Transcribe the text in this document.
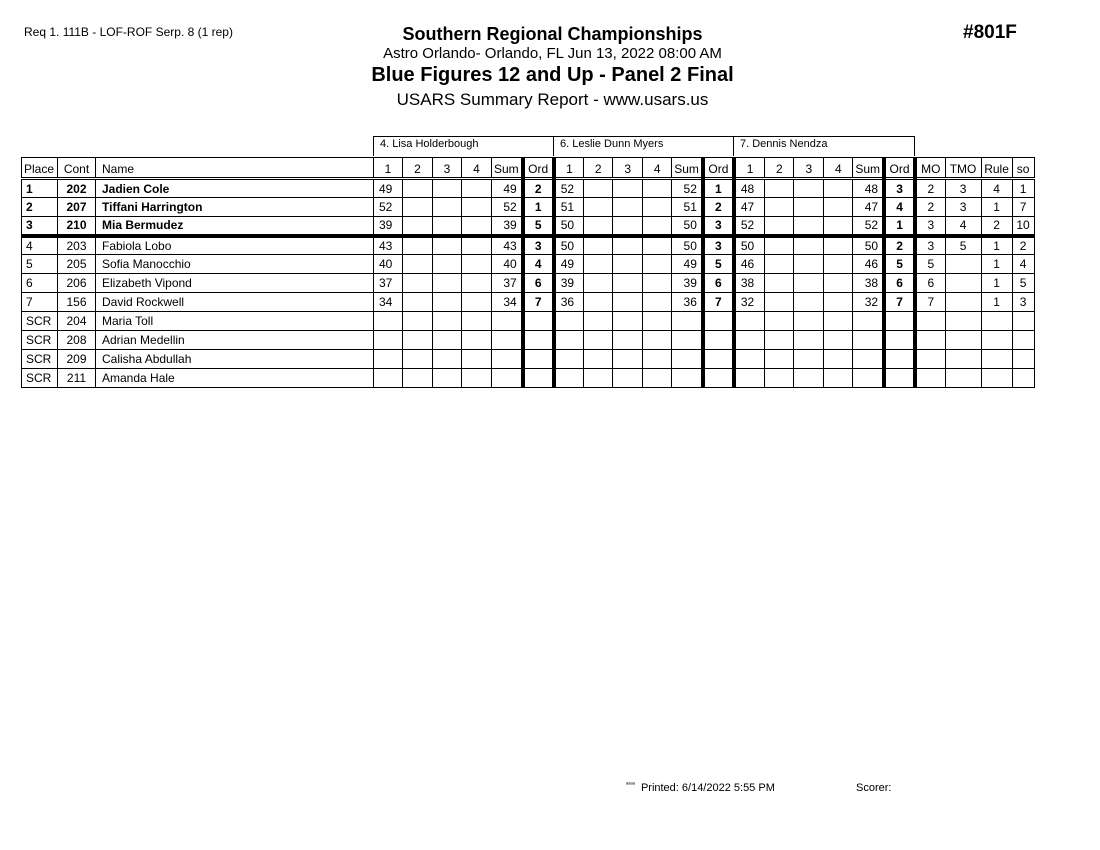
Req 1. 111B - LOF-ROF Serp. 8 (1 rep)	#801F
Southern Regional Championships
Astro Orlando- Orlando, FL Jun 13, 2022 08:00 AM
Blue Figures 12 and Up - Panel 2 Final
USARS Summary Report - www.usars.us
4. Lisa Holderbough	6. Leslie Dunn Myers	7. Dennis Nendza
Place	Cont	Name	1	2	3	4	Sum	Ord	1	2	3	4	Sum	Ord	1	2	3	4	Sum	Ord	MO	TMO	Rule	so
1	202	Jadien Cole	49				49	2	52				52	1	48				48	3	2	3	4	1
2	207	Tiffani Harrington	52				52	1	51				51	2	47				47	4	2	3	1	7
3	210	Mia Bermudez	39				39	5	50				50	3	52				52	1	3	4	2	10
4	203	Fabiola Lobo	43				43	3	50				50	3	50				50	2	3	5	1	2
5	205	Sofia Manocchio	40				40	4	49				49	5	46				46	5	5		1	4
6	206	Elizabeth Vipond	37				37	6	39				39	6	38				38	6	6		1	5
7	156	David Rockwell	34				34	7	36				36	7	32				32	7	7		1	3
SCR	204	Maria Toll																						
SCR	208	Adrian Medellin																						
SCR	209	Calisha Abdullah																						
SCR	211	Amanda Hale																						
$^{ᵃᵃᵃᵃ}$ Printed: 6/14/2022 5:55 PM	Scorer:
